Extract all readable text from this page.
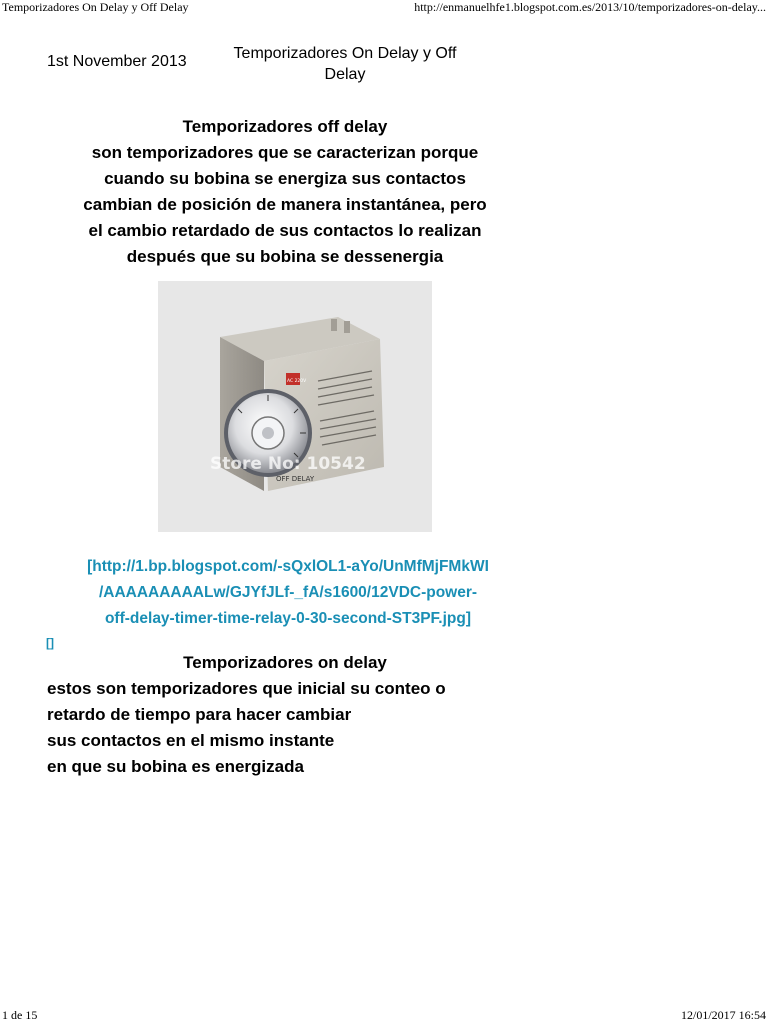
Temporizadores On Delay y Off Delay	http://enmanuelhfe1.blogspot.com.es/2013/10/temporizadores-on-delay...
1st November 2013	Temporizadores On Delay y Off Delay
Temporizadores off delay
son temporizadores que se caracterizan porque
cuando su bobina se energiza sus contactos
cambian de posición de manera instantánea, pero
el cambio retardado de sus contactos lo realizan
después que su bobina se dessenergia
AC 220V
Store No: 10542
OFF DELAY
[http://1.bp.blogspot.com/-sQxlOL1-aYo/UnMfMjFMkWI
/AAAAAAAAALw/GJYfJLf-_fA/s1600/12VDC-power-
off-delay-timer-time-relay-0-30-second-ST3PF.jpg]
[]
Temporizadores on delay
estos son temporizadores que inicial su conteo o
retardo de tiempo para hacer cambiar
sus contactos en el mismo instante
en que su bobina es energizada
1 de 15	12/01/2017 16:54
